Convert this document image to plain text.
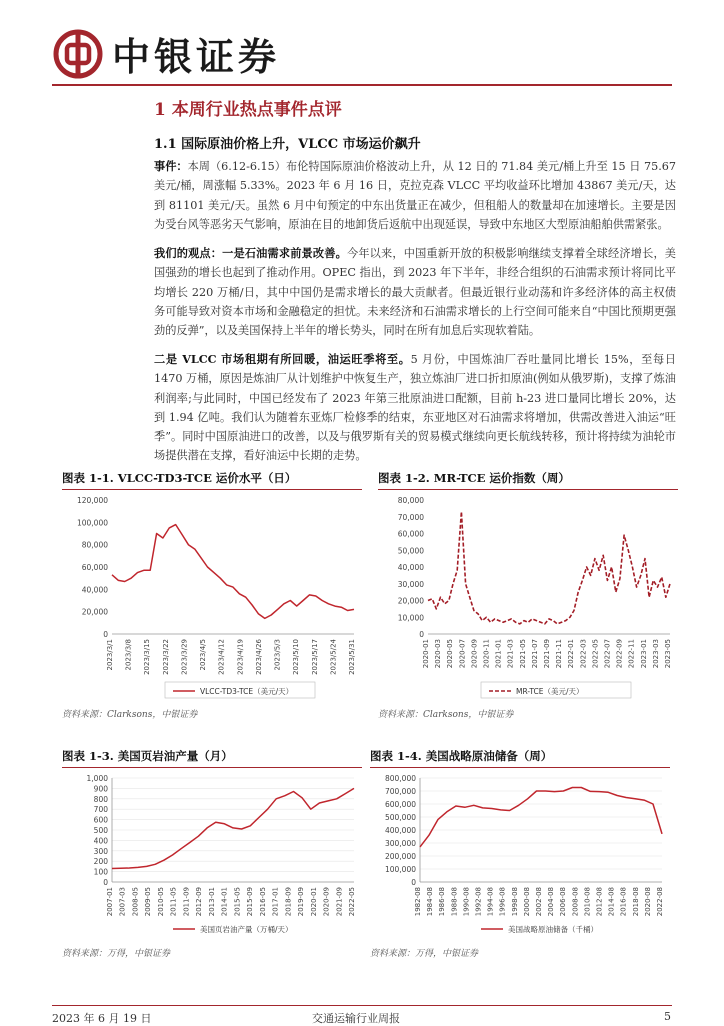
中银证券
1 本周行业热点事件点评
1.1 国际原油价格上升，VLCC 市场运价飙升
事件：本周（6.12-6.15）布伦特国际原油价格波动上升，从 12 日的 71.84 美元/桶上升至 15 日 75.67 美元/桶，周涨幅 5.33%。2023 年 6 月 16 日，克拉克森 VLCC 平均收益环比增加 43867 美元/天，达到 81101 美元/天。虽然 6 月中旬预定的中东出货量正在减少，但租船人的数量却在加速增长。主要是因为受台风等恶劣天气影响，原油在目的地卸货后返航中出现延误，导致中东地区大型原油船舶供需紧张。
我们的观点：一是石油需求前景改善。今年以来，中国重新开放的积极影响继续支撑着全球经济增长，美国强劲的增长也起到了推动作用。OPEC 指出，到 2023 年下半年，非经合组织的石油需求预计将同比平均增长 220 万桶/日，其中中国仍是需求增长的最大贡献者。但最近银行业动荡和许多经济体的高主权债务可能导致对资本市场和金融稳定的担忧。未来经济和石油需求增长的上行空间可能来自“中国比预期更强劲的反弹”，以及美国保持上半年的增长势头，同时在所有加息后实现软着陆。
二是 VLCC 市场租期有所回暖，油运旺季将至。5 月份，中国炼油厂吞吐量同比增长 15%，至每日 1470 万桶，原因是炼油厂从计划维护中恢复生产，独立炼油厂进口折扣原油(例如从俄罗斯)，支撑了炼油利润率;与此同时，中国已经发布了 2023 年第三批原油进口配额，目前 h-23 进口量同比增长 20%，达到 1.94 亿吨。我们认为随着东亚炼厂检修季的结束，东亚地区对石油需求将增加，供需改善进入油运“旺季”。同时中国原油进口的改善，以及与俄罗斯有关的贸易模式继续向更长航线转移，预计将持续为油轮市场提供潜在支撑，看好油运中长期的走势。
图表 1-1. VLCC-TD3-TCE 运价水平（日）
0
20,000
40,000
60,000
80,000
100,000
120,000
2023/3/1 2023/3/8 2023/3/15 2023/3/22 2023/3/29 2023/4/5 2023/4/12 2023/4/19 2023/4/26 2023/5/3 2023/5/10 2023/5/17 2023/5/24 2023/5/31
VLCC-TD3-TCE（美元/天）
资料来源：Clarksons，中银证券
图表 1-2. MR-TCE 运价指数（周）
0
10,000
20,000
30,000
40,000
50,000
60,000
70,000
80,000
2020-01 2020-03 2020-05 2020-07 2020-09 2020-11 2021-01 2021-03 2021-05 2021-07 2021-09 2021-11 2022-01 2022-03 2022-05 2022-07 2022-09 2022-11 2023-01 2023-03 2023-05
MR-TCE（美元/天）
资料来源：Clarksons，中银证券
图表 1-3. 美国页岩油产量（月）
0
100
200
300
400
500
600
700
800
900
1,000
2007-01 2007-03 2008-05 2009-05 2010-05 2011-05 2011-09 2012-09 2013-01 2014-01 2015-05 2015-09 2016-05 2017-01 2018-09 2019-09 2020-01 2020-09 2021-09 2022-05
美国页岩油产量（万桶/天）
资料来源：万得，中银证券
图表 1-4. 美国战略原油储备（周）
0
100,000
200,000
300,000
400,000
500,000
600,000
700,000
800,000
1982-08 1984-08 1986-08 1988-08 1990-08 1992-08 1994-08 1996-08 1998-08 2000-08 2002-08 2004-08 2006-08 2008-08 2010-08 2012-08 2014-08 2016-08 2018-08 2020-08 2022-08
美国战略原油储备（千桶）
资料来源：万得，中银证券
2023 年 6 月 19 日	交通运输行业周报	5
